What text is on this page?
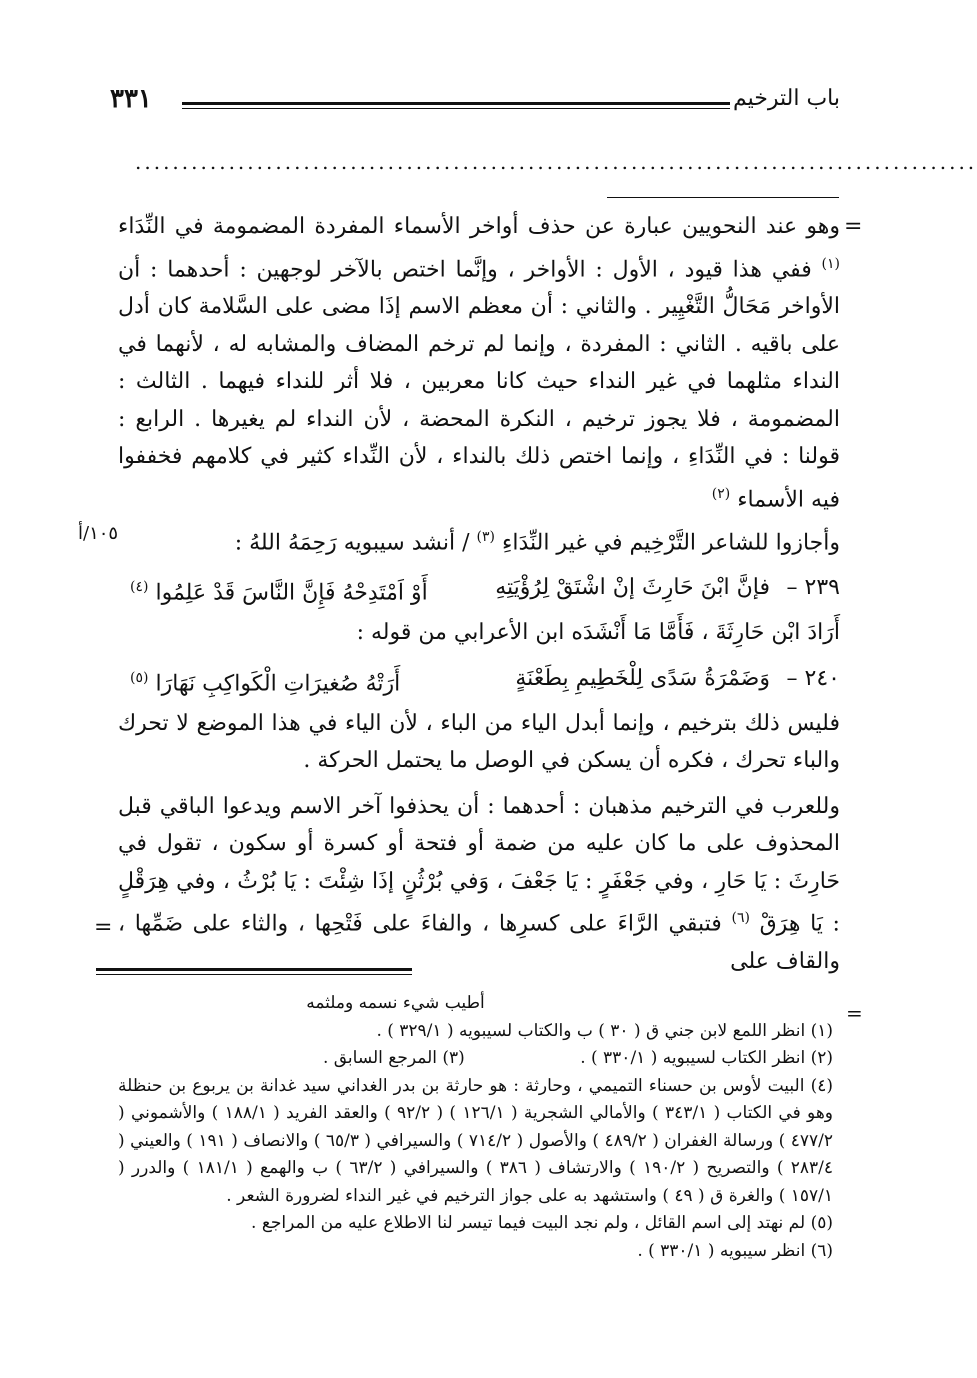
٣٣١	باب الترخيم
..........................................................................................
=
١٠٥/أ

وهو عند النحويين عبارة عن حذف أواخر الأسماء المفردة المضمومة في النِّدَاء $^{(١)}$ ففي هذا قيود ، الأول : الأواخر ، وإنَّما اختص بالآخر لوجهين : أحدهما : أن الأواخر مَحَالُّ التَّغْيِير . والثاني : أن معظم الاسم إذَا مضى على السَّلامة كان أدل على باقيه . الثاني : المفردة ، وإنما لم ترخم المضاف والمشابه له ، لأنهما في النداء مثلهما في غير النداء حيث كانا معربين ، فلا أثر للنداء فيهما . الثالث : المضمومة ، فلا يجوز ترخيم ، النكرة المحضة ، لأن النداء لم يغيرها . الرابع : قولنا : في النِّدَاءِ ، وإنما اختص ذلك بالنداء ، لأن النِّداء كثير في كلامهم فخففوا فيه الأسماء $^{(٢)}$

وأجازوا للشاعر التَّرْخِيم في غير النِّدَاءِ $^{(٣)}$ / أنشد سيبويه رَحِمَهُ اللهُ :

٢٣٩ –
فإنَّ ابْنَ حَارِثَ إنْ اشْتَقْ لِرُؤْيَتِهِ
أَوْ اَمْتَدِحْهُ فَإِنَّ النَّاسَ قَدْ عَلِمُوا $^{(٤)}$

أَرَادَ ابْن حَارِثَةَ ، فَأَمَّا مَا أَنْشَدَه ابن الأعرابي من قوله :

٢٤٠ –
وَضَمْرَةُ سَدًى لِلْخَطِيمِ بِطَعْنَةٍ
أَرَتْهُ صُغيرَاتِ الْكَواكِبِ نَهَارَا $^{(٥)}$

فليس ذلك بترخيم ، وإنما أبدل الياء من الباء ، لأن الياء في هذا الموضع لا تحرك والباء تحرك ، فكره أن يسكن في الوصل ما يحتمل الحركة .

وللعرب في الترخيم مذهبان : أحدهما : أن يحذفوا آخر الاسم ويدعوا الباقي قبل المحذوف على ما كان عليه من ضمة أو فتحة أو كسرة أو سكون ، تقول في حَارِثَ : يَا حَارِ ، وفي جَعْفَرٍ : يَا جَعْفَ ، وَفي بُرْثُنٍ إذَا شِئْتَ : يَا بُرْثُ ، وفي هِرَقْلٍ : يَا هِرَقْ $^{(٦)}$ فتبقي الرَّاءَ على كسرِها ، والفاءَ على فَتْحِها ، والثاء على ضَمِّها ، والقاف على

=
=

أطيب شيء نسمه وملثمه

(١) انظر اللمع لابن جني ق ( ٣٠ ) ب والكتاب لسيبويه ( ٣٢٩/١ ) .

(٢) انظر الكتاب لسيبويه ( ٣٣٠/١ ) . (٣) المرجع السابق .

(٤) البيت لأوس بن حسناء التميمي ، وحارثة : هو حارثة بن بدر الغداني سيد غدانة بن يربوع بن حنظلة وهو في الكتاب ( ٣٤٣/١ ) والأمالي الشجرية ( ١٢٦/١ ) ( ٩٢/٢ ) والعقد الفريد ( ١٨٨/١ ) والأشموني ( ٤٧٧/٢ ) ورسالة الغفران ( ٤٨٩/٢ ) والأصول ( ٧١٤/٢ ) والسيرافي ( ٦٥/٣ ) والانصاف ( ١٩١ ) والعيني ( ٢٨٣/٤ ) والتصريح ( ١٩٠/٢ ) والارتشاف ( ٣٨٦ ) والسيرافي ( ٦٣/٢ ) ب والهمع ( ١٨١/١ ) والدرر ( ١٥٧/١ ) والغرة ق ( ٤٩ ) واستشهد به على جواز الترخيم في غير النداء لضرورة الشعر .

(٥) لم نهتد إلى اسم القائل ، ولم نجد البيت فيما تيسر لنا الاطلاع عليه من المراجع .

(٦) انظر سيبويه ( ٣٣٠/١ ) .
